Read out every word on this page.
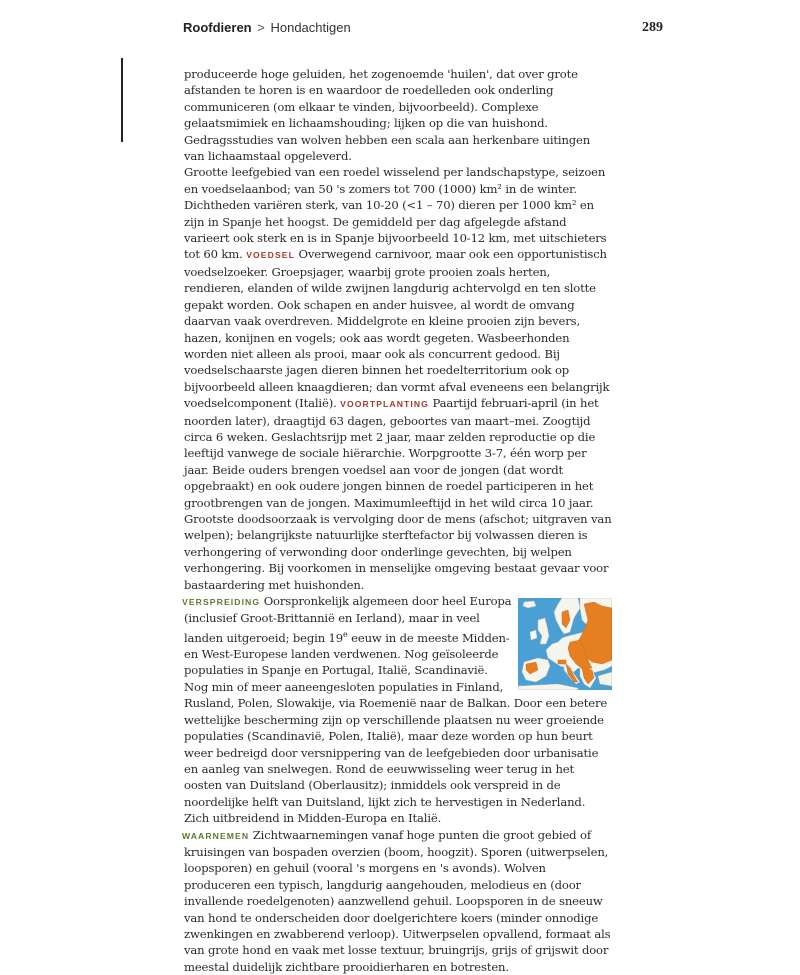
Roofdieren > Hondachtigen	289

produceerde hoge geluiden, het zogenoemde 'huilen', dat over grote afstanden te horen is en waardoor de roedelleden ook onderling communiceren (om elkaar te vinden, bijvoorbeeld). Complexe gelaatsmimiek en lichaamshouding; lijken op die van huishond. Gedragsstudies van wolven hebben een scala aan herkenbare uitingen van lichaamstaal opgeleverd.

Grootte leefgebied van een roedel wisselend per landschapstype, seizoen en voedselaanbod; van 50 's zomers tot 700 (1000) km² in de winter. Dichtheden variëren sterk, van 10-20 (<1 – 70) dieren per 1000 km² en zijn in Spanje het hoogst. De gemiddeld per dag afgelegde afstand varieert ook sterk en is in Spanje bijvoorbeeld 10-12 km, met uitschieters tot 60 km. VOEDSEL Overwegend carnivoor, maar ook een opportunistisch voedselzoeker. Groepsjager, waarbij grote prooien zoals herten, rendieren, elanden of wilde zwijnen langdurig achtervolgd en ten slotte gepakt worden. Ook schapen en ander huisvee, al wordt de omvang daarvan vaak overdreven. Middelgrote en kleine prooien zijn bevers, hazen, konijnen en vogels; ook aas wordt gegeten. Wasbeerhonden worden niet alleen als prooi, maar ook als concurrent gedood. Bij voedselschaarste jagen dieren binnen het roedelterritorium ook op bijvoorbeeld alleen knaagdieren; dan vormt afval eveneens een belangrijk voedselcomponent (Italië). VOORTPLANTING Paartijd februari-april (in het noorden later), draagtijd 63 dagen, geboortes van maart–mei. Zoogtijd circa 6 weken. Geslachtsrijp met 2 jaar, maar zelden reproductie op die leeftijd vanwege de sociale hiërarchie. Worpgrootte 3-7, één worp per jaar. Beide ouders brengen voedsel aan voor de jongen (dat wordt opgebraakt) en ook oudere jongen binnen de roedel participeren in het grootbrengen van de jongen. Maximumleeftijd in het wild circa 10 jaar. Grootste doodsoorzaak is vervolging door de mens (afschot; uitgraven van welpen); belangrijkste natuurlijke sterftefactor bij volwassen dieren is verhongering of verwonding door onderlinge gevechten, bij welpen verhongering. Bij voorkomen in menselijke omgeving bestaat gevaar voor bastaardering met huishonden.

VERSPREIDING Oorspronkelijk algemeen door heel Europa (inclusief Groot-Brittannië en Ierland), maar in veel landen uitgeroeid; begin 19e eeuw in de meeste Midden- en West-Europese landen verdwenen. Nog geïsoleerde populaties in Spanje en Portugal, Italië, Scandinavië. Nog min of meer aaneengesloten populaties in Finland, Rusland, Polen, Slowakije, via Roemenië naar de Balkan. Door een betere wettelijke bescherming zijn op verschillende plaatsen nu weer groeiende populaties (Scandinavië, Polen, Italië), maar deze worden op hun beurt weer bedreigd door versnippering van de leefgebieden door urbanisatie en aanleg van snelwegen. Rond de eeuwwisseling weer terug in het oosten van Duitsland (Oberlausitz); inmiddels ook verspreid in de noordelijke helft van Duitsland, lijkt zich te hervestigen in Nederland. Zich uitbreidend in Midden-Europa en Italië.

WAARNEMEN Zichtwaarnemingen vanaf hoge punten die groot gebied of kruisingen van bospaden overzien (boom, hoogzit). Sporen (uitwerpselen, loopsporen) en gehuil (vooral 's morgens en 's avonds). Wolven produceren een typisch, langdurig aangehouden, melodieus en (door invallende roedelgenoten) aanzwellend gehuil. Loopsporen in de sneeuw van hond te onderscheiden door doelgerichtere koers (minder onnodige zwenkingen en zwabberend verloop). Uitwerpselen opvallend, formaat als van grote hond en vaak met losse textuur, bruingrijs, grijs of grijswit door meestal duidelijk zichtbare prooidierharen en botresten.
